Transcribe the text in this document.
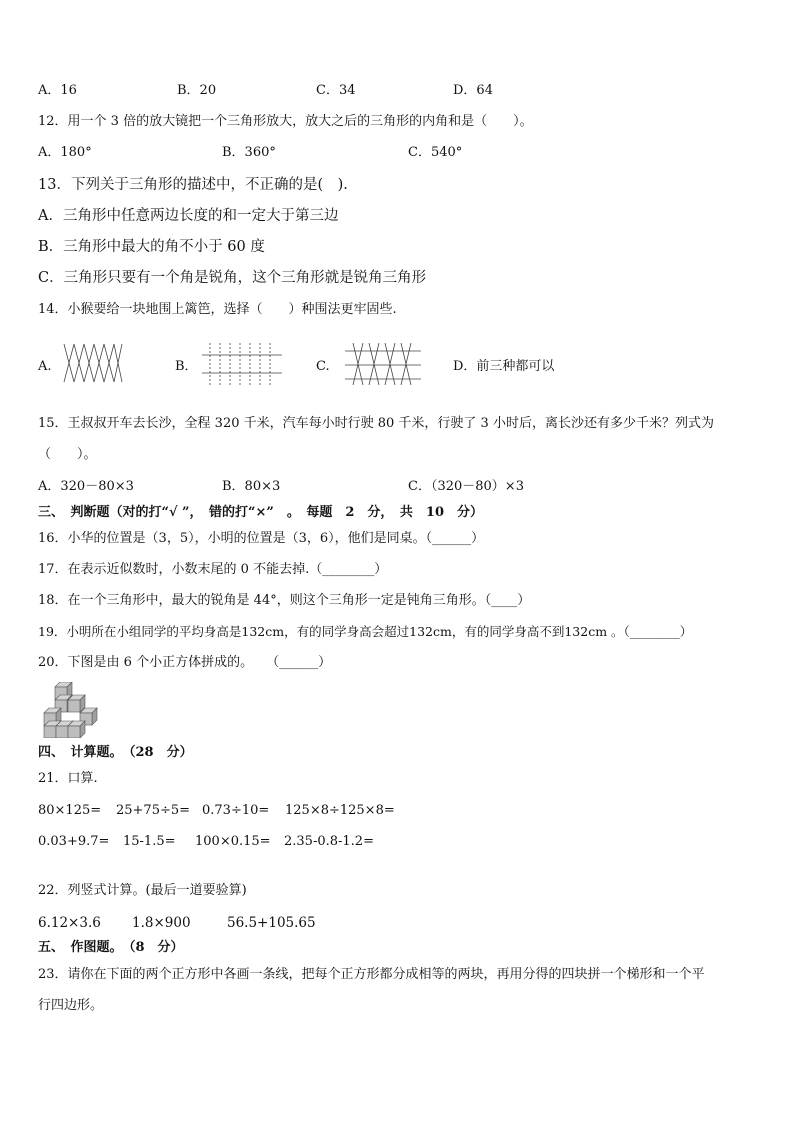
A．16	B．20	C．34	D．64
12．用一个 3 倍的放大镜把一个三角形放大，放大之后的三角形的内角和是（　　）。
A．180°	B．360°	C．540°
13．下列关于三角形的描述中，不正确的是(　).
A．三角形中任意两边长度的和一定大于第三边
B．三角形中最大的角不小于 60 度
C．三角形只要有一个角是锐角，这个三角形就是锐角三角形
14．小猴要给一块地围上篱笆，选择（　　）种围法更牢固些.
A.	B．	C.	D．前三种都可以
15．王叔叔开车去长沙，全程 320 千米，汽车每小时行驶 80 千米，行驶了 3 小时后，离长沙还有多少千米？列式为
（　　）。
A．320－80×3	B．80×3	C．（320－80）×3
三、　判断题（对的打“√ ”，　错的打“×”　。　每题　2　分，　共　10　分）
16．小华的位置是（3，5），小明的位置是（3，6），他们是同桌。（______）
17．在表示近似数时，小数末尾的 0 不能去掉.（________）
18．在一个三角形中，最大的锐角是 44°，则这个三角形一定是钝角三角形。（____）
19．小明所在小组同学的平均身高是132cm，有的同学身高会超过132cm，有的同学身高不到132cm 。（________）
20．下图是由 6 个小正方体拼成的。　　（______）
四、　计算题。　（28　分）
21．口算.
80×125= 25+75÷5= 0.73÷10= 125×8÷125×8=
0.03+9.7= 15-1.5= 100×0.15= 2.35-0.8-1.2=
22．列竖式计算。(最后一道要验算)
6.12×3.6 1.8×900	56.5+105.65
五、　作图题。　（8　分）
23．请你在下面的两个正方形中各画一条线，把每个正方形都分成相等的两块，再用分得的四块拼一个梯形和一个平
行四边形。
